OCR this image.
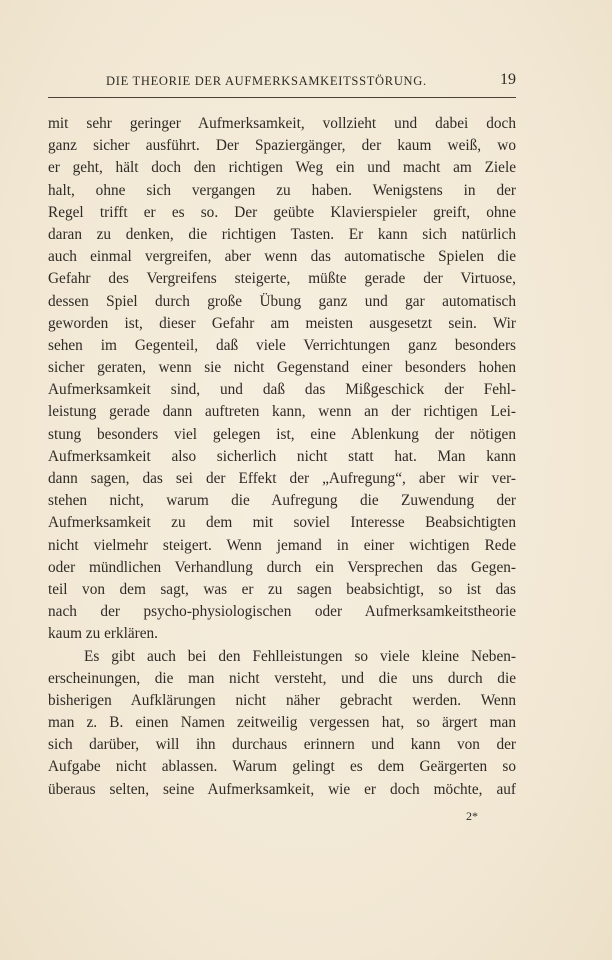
DIE THEORIE DER AUFMERKSAMKEITSSTÖRUNG.	19
mit sehr geringer Aufmerksamkeit, vollzieht und dabei doch
ganz sicher ausführt. Der Spaziergänger, der kaum weiß, wo
er geht, hält doch den richtigen Weg ein und macht am Ziele
halt, ohne sich vergangen zu haben. Wenigstens in der
Regel trifft er es so. Der geübte Klavierspieler greift, ohne
daran zu denken, die richtigen Tasten. Er kann sich natürlich
auch einmal vergreifen, aber wenn das automatische Spielen die
Gefahr des Vergreifens steigerte, müßte gerade der Virtuose,
dessen Spiel durch große Übung ganz und gar automatisch
geworden ist, dieser Gefahr am meisten ausgesetzt sein. Wir
sehen im Gegenteil, daß viele Verrichtungen ganz besonders
sicher geraten, wenn sie nicht Gegenstand einer besonders hohen
Aufmerksamkeit sind, und daß das Mißgeschick der Fehl-
leistung gerade dann auftreten kann, wenn an der richtigen Lei-
stung besonders viel gelegen ist, eine Ablenkung der nötigen
Aufmerksamkeit also sicherlich nicht statt hat. Man kann
dann sagen, das sei der Effekt der „Aufregung“, aber wir ver-
stehen nicht, warum die Aufregung die Zuwendung der
Aufmerksamkeit zu dem mit soviel Interesse Beabsichtigten
nicht vielmehr steigert. Wenn jemand in einer wichtigen Rede
oder mündlichen Verhandlung durch ein Versprechen das Gegen-
teil von dem sagt, was er zu sagen beabsichtigt, so ist das
nach der psycho-physiologischen oder Aufmerksamkeitstheorie
kaum zu erklären.
Es gibt auch bei den Fehlleistungen so viele kleine Neben-
erscheinungen, die man nicht versteht, und die uns durch die
bisherigen Aufklärungen nicht näher gebracht werden. Wenn
man z. B. einen Namen zeitweilig vergessen hat, so ärgert man
sich darüber, will ihn durchaus erinnern und kann von der
Aufgabe nicht ablassen. Warum gelingt es dem Geärgerten so
überaus selten, seine Aufmerksamkeit, wie er doch möchte, auf
2*
